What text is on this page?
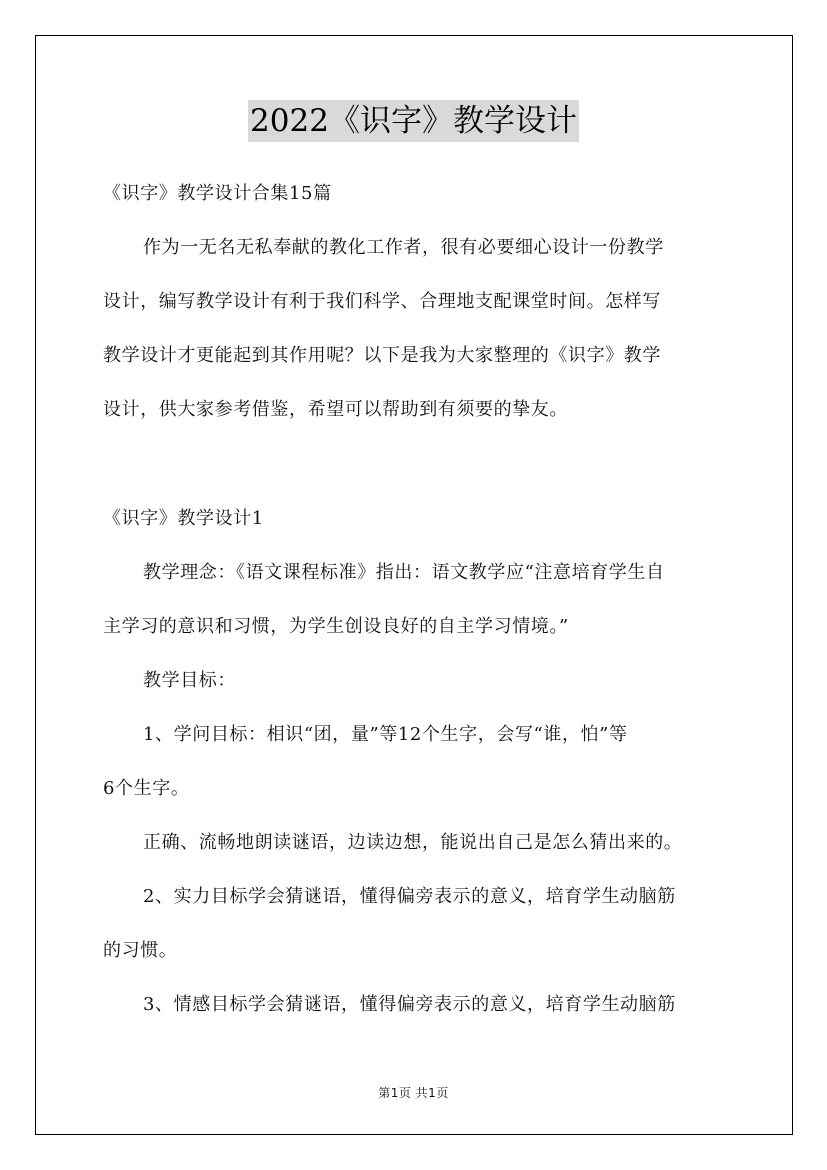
2022《识字》教学设计
《识字》教学设计合集15篇
作为一无名无私奉献的教化工作者，很有必要细心设计一份教学
设计，编写教学设计有利于我们科学、合理地支配课堂时间。怎样写
教学设计才更能起到其作用呢？以下是我为大家整理的《识字》教学
设计，供大家参考借鉴，希望可以帮助到有须要的挚友。
《识字》教学设计1
教学理念：《语文课程标准》指出：语文教学应“注意培育学生自
主学习的意识和习惯，为学生创设良好的自主学习情境。”
教学目标：
1、学问目标：相识“团，量”等12个生字，会写“谁，怕”等
6个生字。
正确、流畅地朗读谜语，边读边想，能说出自己是怎么猜出来的。
2、实力目标学会猜谜语，懂得偏旁表示的意义，培育学生动脑筋
的习惯。
3、情感目标学会猜谜语，懂得偏旁表示的意义，培育学生动脑筋
第1页 共1页
